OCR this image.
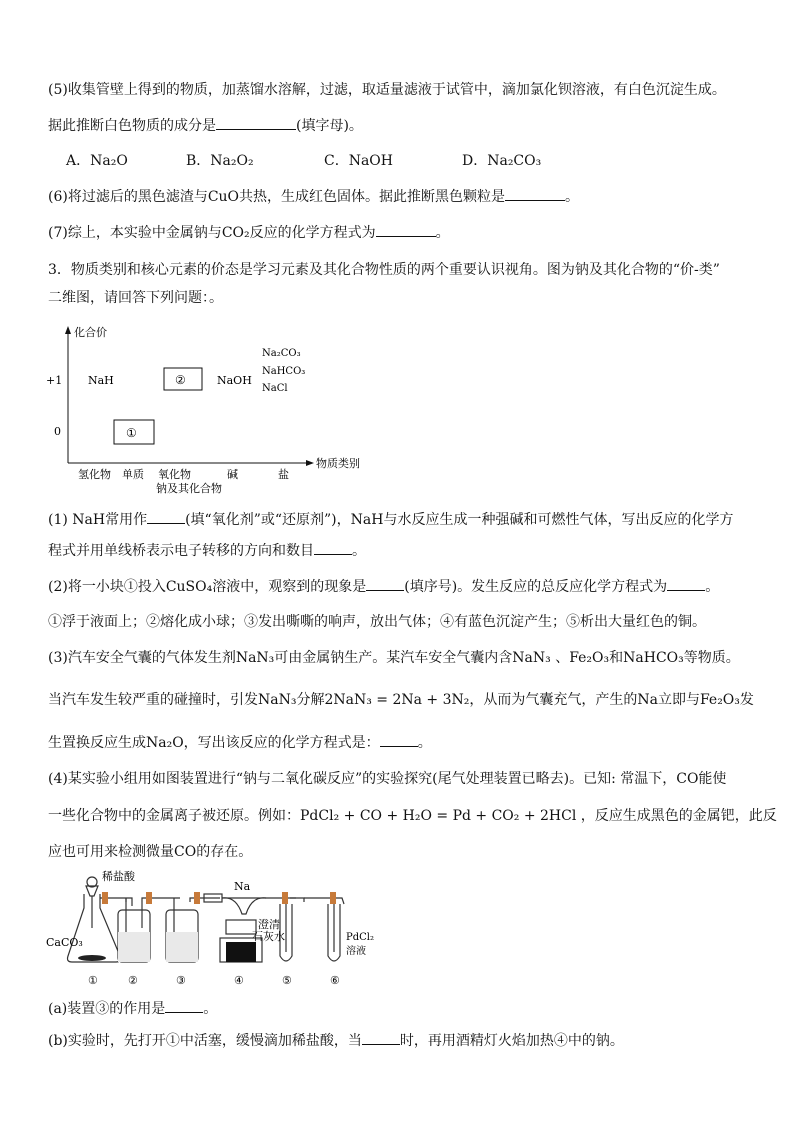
(5)收集管壁上得到的物质，加蒸馏水溶解，过滤，取适量滤液于试管中，滴加氯化钡溶液，有白色沉淀生成。
据此推断白色物质的成分是	(填字母)。
A．Na₂O	B．Na₂O₂	C．NaOH	D．Na₂CO₃
(6)将过滤后的黑色滤渣与CuO共热，生成红色固体。据此推断黑色颗粒是	。
(7)综上，本实验中金属钠与CO₂反应的化学方程式为	。
3．物质类别和核心元素的价态是学习元素及其化合物性质的两个重要认识视角。图为钠及其化合物的“价-类”
二维图，请回答下列问题：。
化合价
物质类别
+1
0
氢化物 单质 氧化物	碱	盐
钠及其化合物
NaH	②	NaOH
Na₂CO₃
NaHCO₃
NaCl
①
(1) NaH常用作	(填“氧化剂”或“还原剂”)，NaH与水反应生成一种强碱和可燃性气体，写出反应的化学方
程式并用单线桥表示电子转移的方向和数目	。
(2)将一小块①投入CuSO₄溶液中，观察到的现象是	(填序号)。发生反应的总反应化学方程式为	。
①浮于液面上；②熔化成小球；③发出嘶嘶的响声，放出气体；④有蓝色沉淀产生；⑤析出大量红色的铜。
(3)汽车安全气囊的气体发生剂NaN₃可由金属钠生产。某汽车安全气囊内含NaN₃ 、Fe₂O₃和NaHCO₃等物质。
当汽车发生较严重的碰撞时，引发NaN₃分解2NaN₃ = 2Na + 3N₂，从而为气囊充气，产生的Na立即与Fe₂O₃发
生置换反应生成Na₂O，写出该反应的化学方程式是：	。
(4)某实验小组用如图装置进行“钠与二氧化碳反应”的实验探究(尾气处理装置已略去)。已知: 常温下，CO能使
一些化合物中的金属离子被还原。例如：PdCl₂ + CO + H₂O = Pd + CO₂ + 2HCl ，反应生成黑色的金属钯，此反
应也可用来检测微量CO的存在。
稀盐酸
CaCO₃
Na
澄清
石灰水	PdCl₂
溶液
①	②	③	④	⑤	⑥
(a)装置③的作用是	。
(b)实验时，先打开①中活塞，缓慢滴加稀盐酸，当	时，再用酒精灯火焰加热④中的钠。
